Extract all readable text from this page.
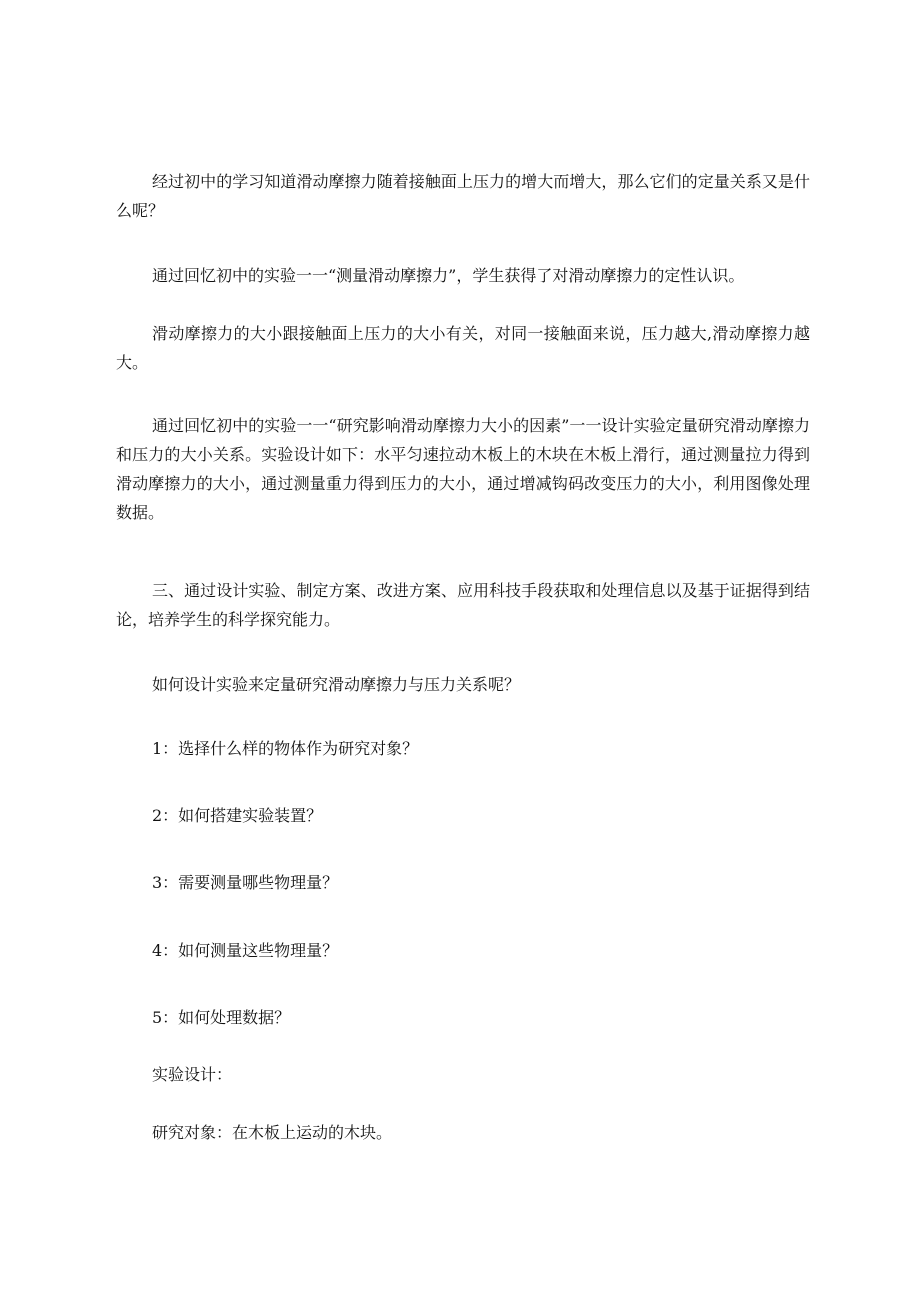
经过初中的学习知道滑动摩擦力随着接触面上压力的增大而增大，那么它们的定量关系又是什么呢？

通过回忆初中的实验一一“测量滑动摩擦力”，学生获得了对滑动摩擦力的定性认识。

滑动摩擦力的大小跟接触面上压力的大小有关，对同一接触面来说，压力越大,滑动摩擦力越大。

通过回忆初中的实验一一“研究影响滑动摩擦力大小的因素”一一设计实验定量研究滑动摩擦力和压力的大小关系。实验设计如下：水平匀速拉动木板上的木块在木板上滑行，通过测量拉力得到滑动摩擦力的大小，通过测量重力得到压力的大小，通过增减钩码改变压力的大小，利用图像处理数据。

三、通过设计实验、制定方案、改进方案、应用科技手段获取和处理信息以及基于证据得到结论，培养学生的科学探究能力。

如何设计实验来定量研究滑动摩擦力与压力关系呢？

1：选择什么样的物体作为研究对象？

2：如何搭建实验装置？

3：需要测量哪些物理量？

4：如何测量这些物理量？

5：如何处理数据？

实验设计：

研究对象：在木板上运动的木块。
